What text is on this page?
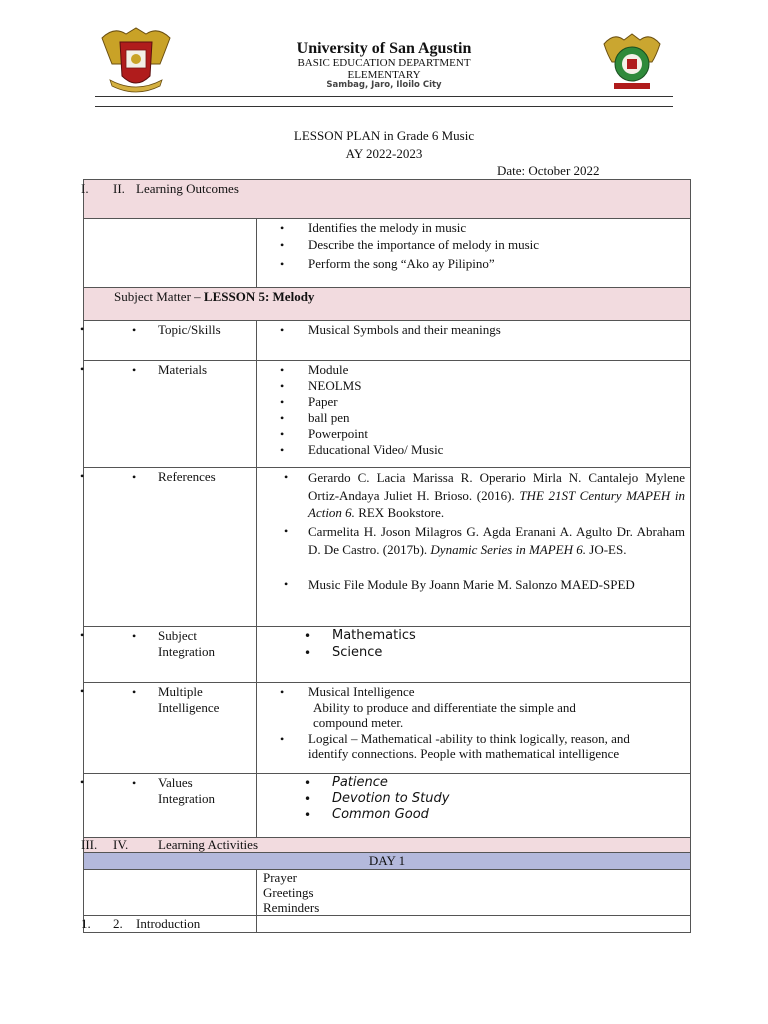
University of San Agustin
BASIC EDUCATION DEPARTMENT
ELEMENTARY
Sambag, Jaro, Iloilo City
LESSON PLAN in Grade 6 Music
AY 2022-2023
Date: October 2022
I. II. Learning Outcomes
• Identifies the melody in music
• Describe the importance of melody in music
• Perform the song “Ako ay Pilipino”
Subject Matter – LESSON 5: Melody
•	• Topic/Skills	• Musical Symbols and their meanings
•	• Materials	• Module
• NEOLMS
• Paper
• ball pen
• Powerpoint
• Educational Video/ Music
•	• References	• Gerardo C. Lacia Marissa R. Operario Mirla N. Cantalejo Mylene Ortiz-Andaya Juliet H. Brioso. (2016). THE 21ST Century MAPEH in Action 6. REX Bookstore.
• Carmelita H. Joson Milagros G. Agda Eranani A. Agulto Dr. Abraham D. De Castro. (2017b). Dynamic Series in MAPEH 6. JO-ES.
• Music File Module By Joann Marie M. Salonzo MAED-SPED
•	• Subject
Integration
• Mathematics
• Science
•	• Multiple
Intelligence
• Musical Intelligence
Ability to produce and differentiate the simple and
compound meter.
• Logical – Mathematical -ability to think logically, reason, and
identify connections. People with mathematical intelligence
•	• Values
Integration
• Patience
• Devotion to Study
• Common Good
III. IV. Learning Activities
DAY 1
Prayer
Greetings
Reminders
1. 2. Introduction
